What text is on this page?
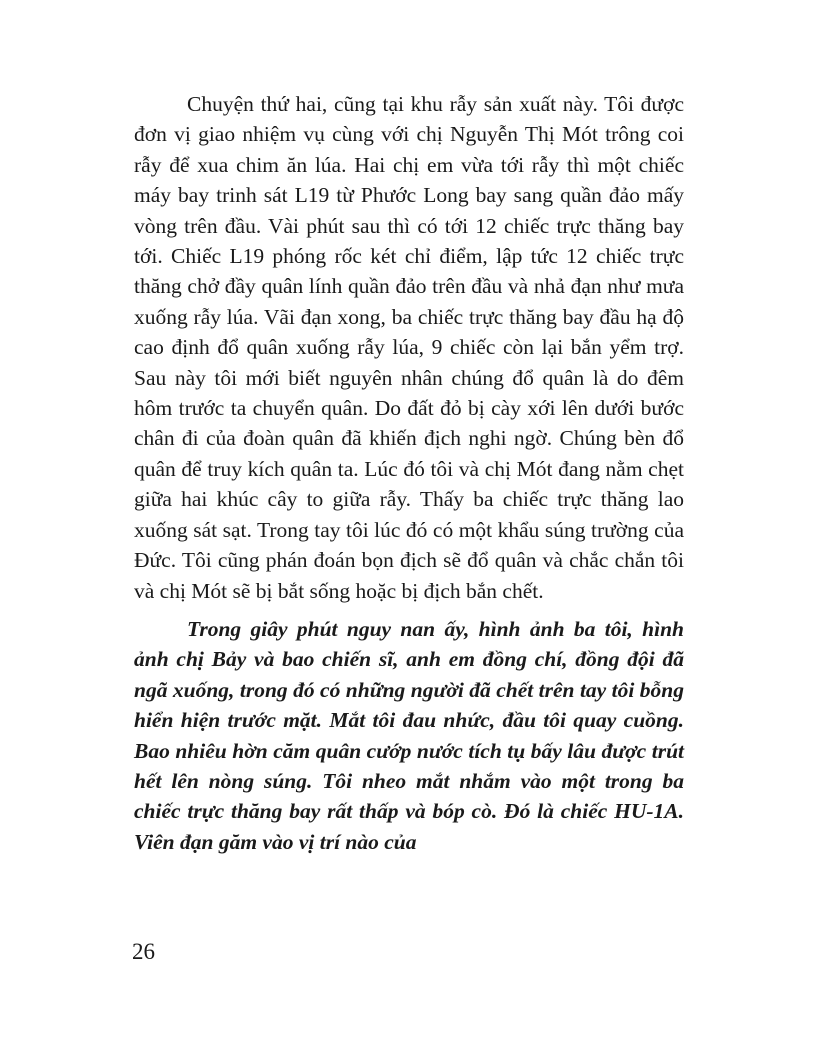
Chuyện thứ hai, cũng tại khu rẫy sản xuất này. Tôi được đơn vị giao nhiệm vụ cùng với chị Nguyễn Thị Mót trông coi rẫy để xua chim ăn lúa. Hai chị em vừa tới rẫy thì một chiếc máy bay trinh sát L19 từ Phước Long bay sang quần đảo mấy vòng trên đầu. Vài phút sau thì có tới 12 chiếc trực thăng bay tới. Chiếc L19 phóng rốc két chỉ điểm, lập tức 12 chiếc trực thăng chở đầy quân lính quần đảo trên đầu và nhả đạn như mưa xuống rẫy lúa. Vãi đạn xong, ba chiếc trực thăng bay đầu hạ độ cao định đổ quân xuống rẫy lúa, 9 chiếc còn lại bắn yểm trợ. Sau này tôi mới biết nguyên nhân chúng đổ quân là do đêm hôm trước ta chuyển quân. Do đất đỏ bị cày xới lên dưới bước chân đi của đoàn quân đã khiến địch nghi ngờ. Chúng bèn đổ quân để truy kích quân ta. Lúc đó tôi và chị Mót đang nằm chẹt giữa hai khúc cây to giữa rẫy. Thấy ba chiếc trực thăng lao xuống sát sạt. Trong tay tôi lúc đó có một khẩu súng trường của Đức. Tôi cũng phán đoán bọn địch sẽ đổ quân và chắc chắn tôi và chị Mót sẽ bị bắt sống hoặc bị địch bắn chết.

Trong giây phút nguy nan ấy, hình ảnh ba tôi, hình ảnh chị Bảy và bao chiến sĩ, anh em đồng chí, đồng đội đã ngã xuống, trong đó có những người đã chết trên tay tôi bỗng hiển hiện trước mặt. Mắt tôi đau nhức, đầu tôi quay cuồng. Bao nhiêu hờn căm quân cướp nước tích tụ bấy lâu được trút hết lên nòng súng. Tôi nheo mắt nhắm vào một trong ba chiếc trực thăng bay rất thấp và bóp cò. Đó là chiếc HU-1A. Viên đạn găm vào vị trí nào của

26
